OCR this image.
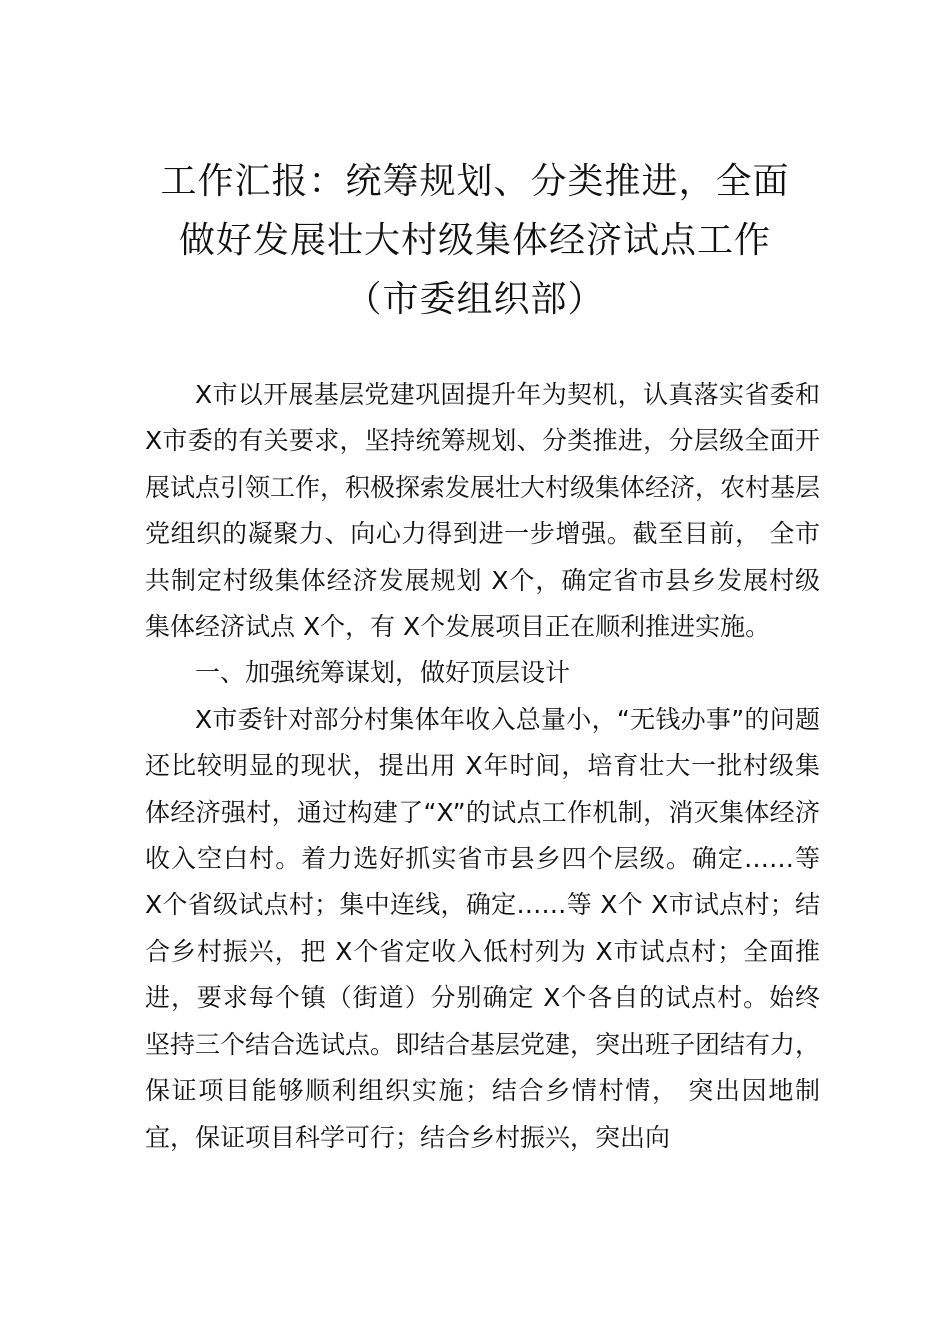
工作汇报：统筹规划、分类推进，全面
做好发展壮大村级集体经济试点工作
（市委组织部）

X市以开展基层党建巩固提升年为契机，认真落实省委和 X市委的有关要求，坚持统筹规划、分类推进，分层级全面开展试点引领工作，积极探索发展壮大村级集体经济，农村基层党组织的凝聚力、向心力得到进一步增强。截至目前， 全市共制定村级集体经济发展规划 X个，确定省市县乡发展村级集体经济试点 X个，有 X个发展项目正在顺利推进实施。

一、加强统筹谋划，做好顶层设计

X市委针对部分村集体年收入总量小，“无钱办事”的问题还比较明显的现状，提出用 X年时间，培育壮大一批村级集体经济强村，通过构建了“X”的试点工作机制，消灭集体经济收入空白村。着力选好抓实省市县乡四个层级。确定……等 X个省级试点村；集中连线，确定……等 X个 X市试点村；结合乡村振兴，把 X个省定收入低村列为 X市试点村；全面推进，要求每个镇（街道）分别确定 X个各自的试点村。始终坚持三个结合选试点。即结合基层党建，突出班子团结有力，保证项目能够顺利组织实施；结合乡情村情， 突出因地制宜，保证项目科学可行；结合乡村振兴，突出向
